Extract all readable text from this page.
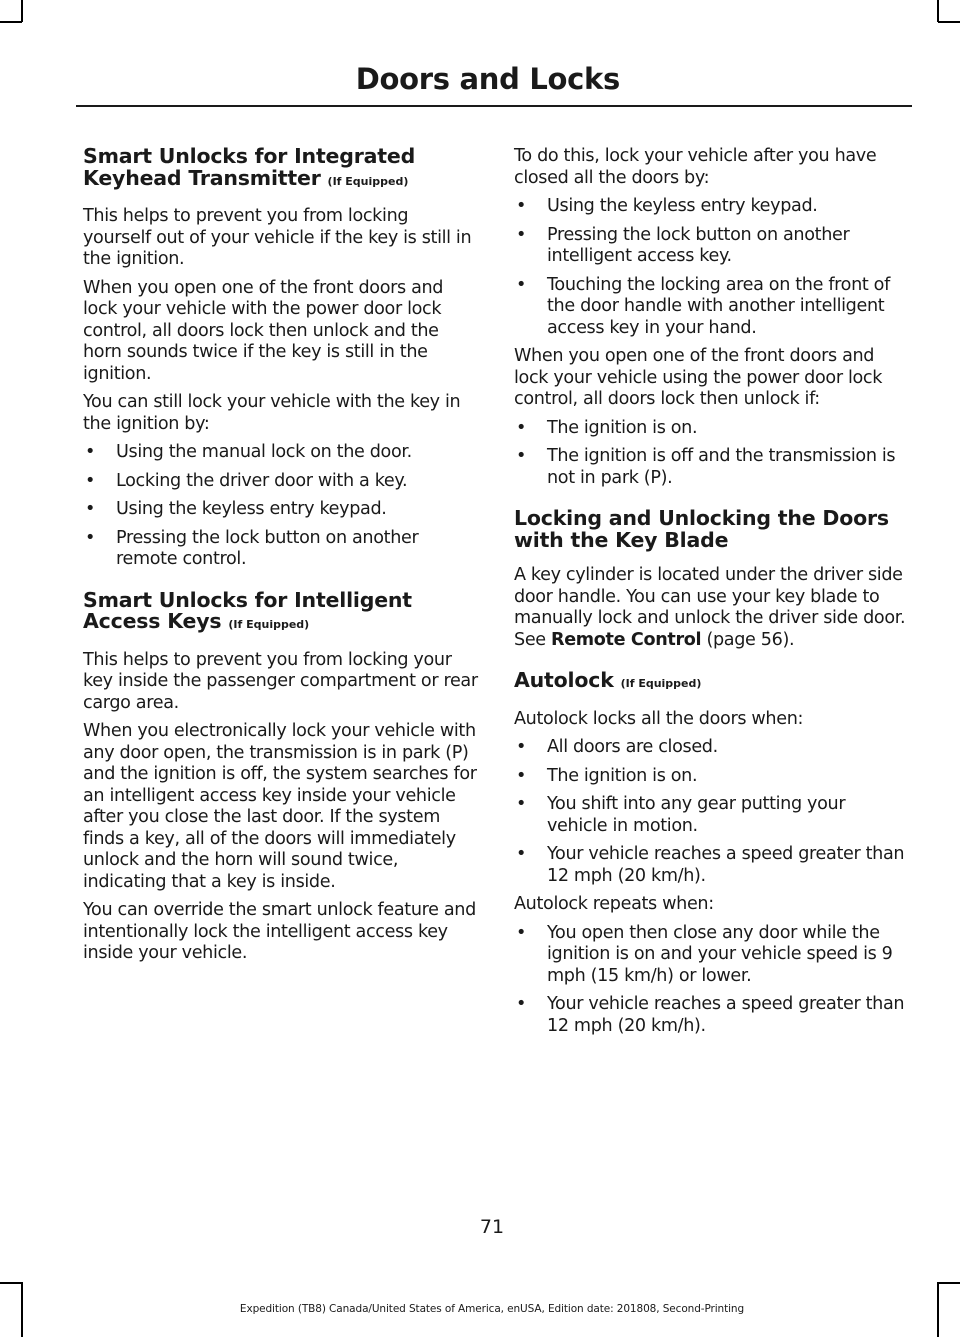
Doors and Locks
Smart Unlocks for Integrated Keyhead Transmitter (If Equipped)

This helps to prevent you from locking yourself out of your vehicle if the key is still in the ignition.

When you open one of the front doors and lock your vehicle with the power door lock control, all doors lock then unlock and the horn sounds twice if the key is still in the ignition.

You can still lock your vehicle with the key in the ignition by:

• Using the manual lock on the door.
• Locking the driver door with a key.
• Using the keyless entry keypad.
• Pressing the lock button on another remote control.
Smart Unlocks for Intelligent Access Keys (If Equipped)

This helps to prevent you from locking your key inside the passenger compartment or rear cargo area.

When you electronically lock your vehicle with any door open, the transmission is in park (P) and the ignition is off, the system searches for an intelligent access key inside your vehicle after you close the last door. If the system finds a key, all of the doors will immediately unlock and the horn will sound twice, indicating that a key is inside.

You can override the smart unlock feature and intentionally lock the intelligent access key inside your vehicle.

To do this, lock your vehicle after you have closed all the doors by:

• Using the keyless entry keypad.
• Pressing the lock button on another intelligent access key.
• Touching the locking area on the front of the door handle with another intelligent access key in your hand.

When you open one of the front doors and lock your vehicle using the power door lock control, all doors lock then unlock if:

• The ignition is on.
• The ignition is off and the transmission is not in park (P).
Locking and Unlocking the Doors with the Key Blade

A key cylinder is located under the driver side door handle. You can use your key blade to manually lock and unlock the driver side door. See Remote Control (page 56).

Autolock (If Equipped)

Autolock locks all the doors when:

• All doors are closed.
• The ignition is on.
• You shift into any gear putting your vehicle in motion.
• Your vehicle reaches a speed greater than 12 mph (20 km/h).

Autolock repeats when:

• You open then close any door while the ignition is on and your vehicle speed is 9 mph (15 km/h) or lower.
• Your vehicle reaches a speed greater than 12 mph (20 km/h).
71
Expedition (TB8) Canada/United States of America, enUSA, Edition date: 201808, Second-Printing
